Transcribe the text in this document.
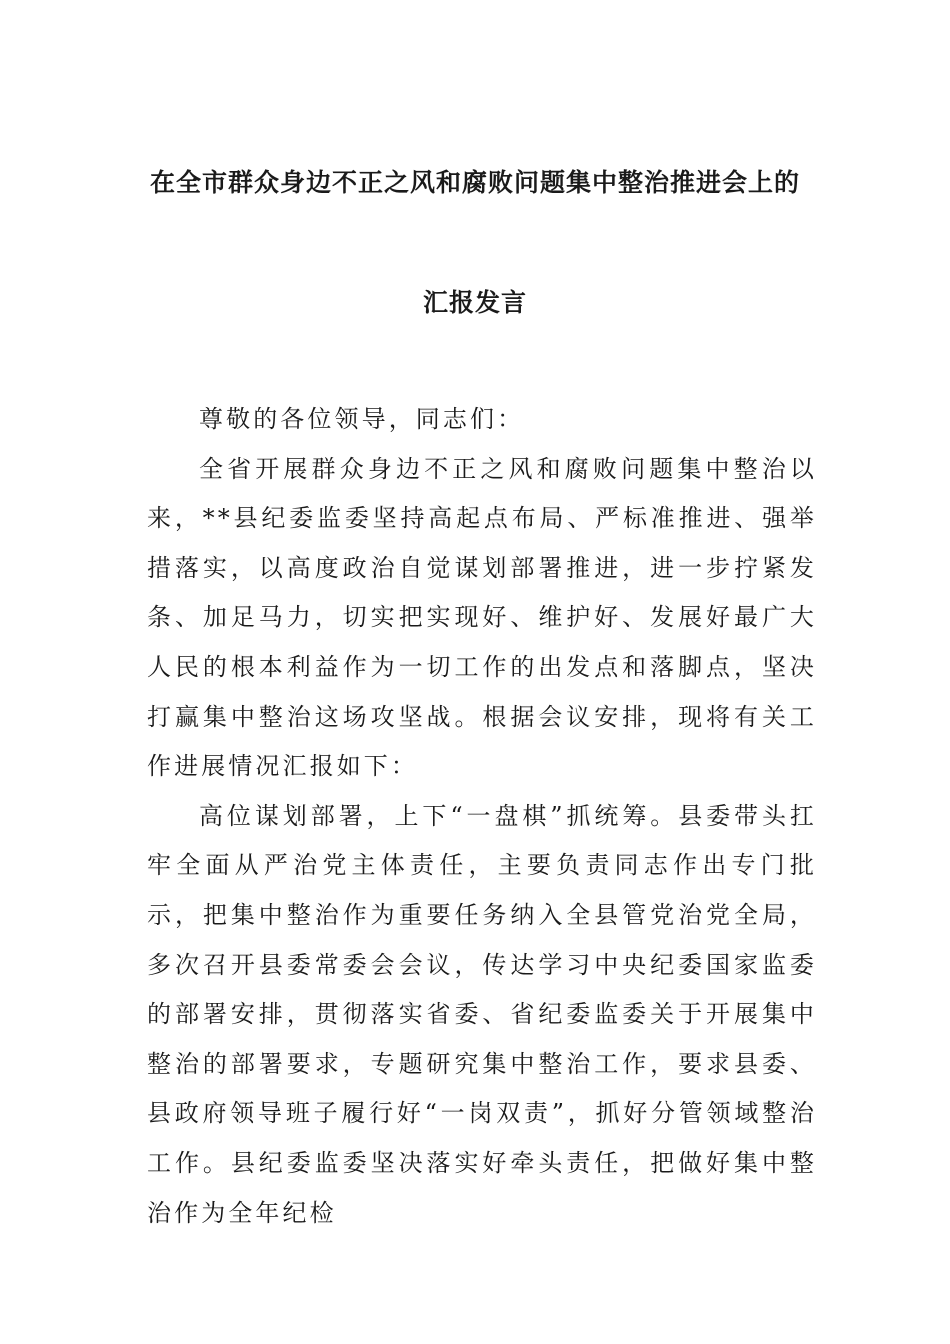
在全市群众身边不正之风和腐败问题集中整治推进会上的
汇报发言

尊敬的各位领导，同志们：

全省开展群众身边不正之风和腐败问题集中整治以来，**县纪委监委坚持高起点布局、严标准推进、强举措落实，以高度政治自觉谋划部署推进，进一步拧紧发条、加足马力，切实把实现好、维护好、发展好最广大人民的根本利益作为一切工作的出发点和落脚点，坚决打赢集中整治这场攻坚战。根据会议安排，现将有关工作进展情况汇报如下：

高位谋划部署，上下“一盘棋”抓统筹。县委带头扛牢全面从严治党主体责任，主要负责同志作出专门批示，把集中整治作为重要任务纳入全县管党治党全局，多次召开县委常委会会议，传达学习中央纪委国家监委的部署安排，贯彻落实省委、省纪委监委关于开展集中整治的部署要求，专题研究集中整治工作，要求县委、县政府领导班子履行好“一岗双责”，抓好分管领域整治工作。县纪委监委坚决落实好牵头责任，把做好集中整治作为全年纪检
